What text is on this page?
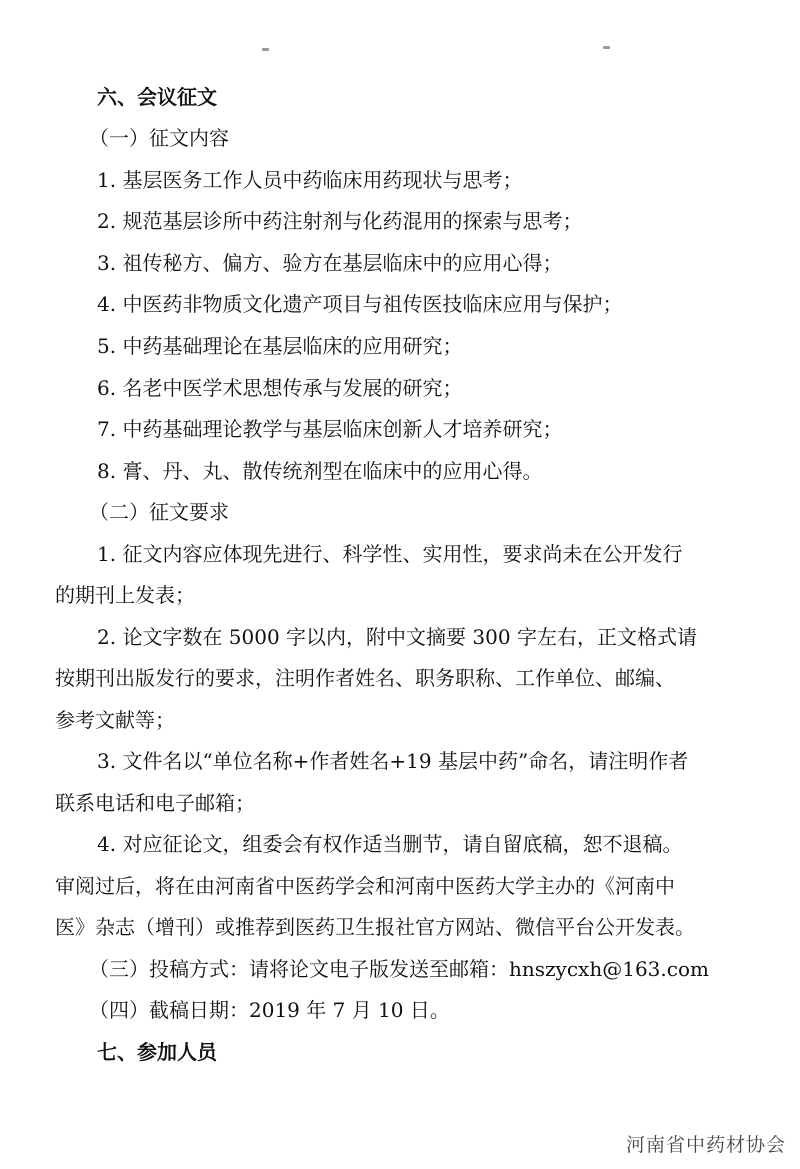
六、会议征文
（一）征文内容
1. 基层医务工作人员中药临床用药现状与思考；
2. 规范基层诊所中药注射剂与化药混用的探索与思考；
3. 祖传秘方、偏方、验方在基层临床中的应用心得；
4. 中医药非物质文化遗产项目与祖传医技临床应用与保护；
5. 中药基础理论在基层临床的应用研究；
6. 名老中医学术思想传承与发展的研究；
7. 中药基础理论教学与基层临床创新人才培养研究；
8. 膏、丹、丸、散传统剂型在临床中的应用心得。
（二）征文要求
1. 征文内容应体现先进行、科学性、实用性，要求尚未在公开发行
的期刊上发表；
2. 论文字数在 5000 字以内，附中文摘要 300 字左右，正文格式请
按期刊出版发行的要求，注明作者姓名、职务职称、工作单位、邮编、
参考文献等；
3. 文件名以“单位名称+作者姓名+19 基层中药”命名，请注明作者
联系电话和电子邮箱；
4. 对应征论文，组委会有权作适当删节，请自留底稿，恕不退稿。
审阅过后，将在由河南省中医药学会和河南中医药大学主办的《河南中
医》杂志（增刊）或推荐到医药卫生报社官方网站、微信平台公开发表。
（三）投稿方式：请将论文电子版发送至邮箱：hnszycxh@163.com
（四）截稿日期：2019 年 7 月 10 日。
七、参加人员
河南省中药材协会
